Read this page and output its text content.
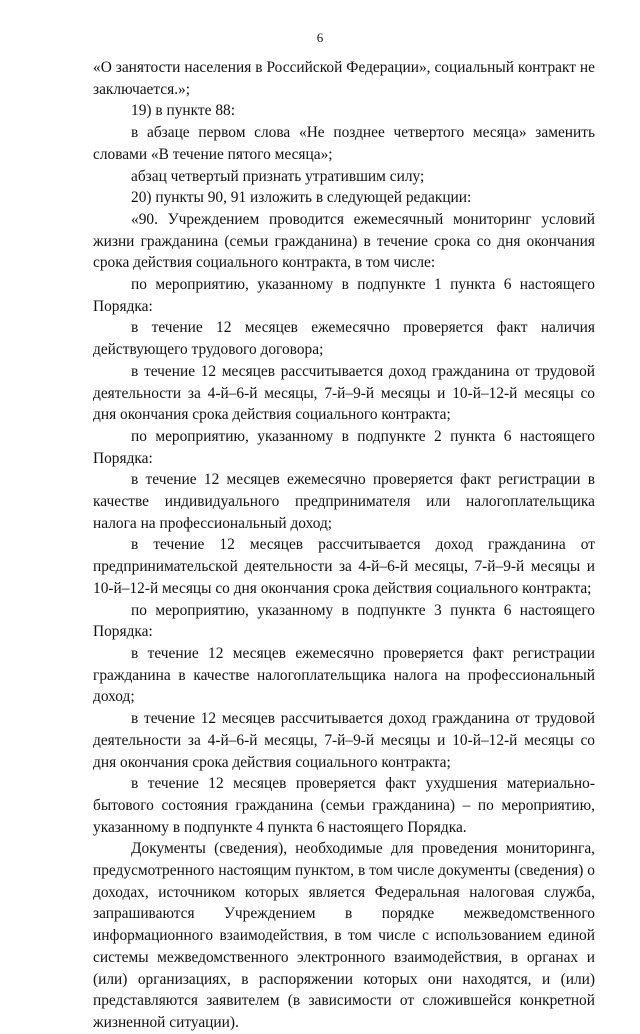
6

«О занятости населения в Российской Федерации», социальный контракт не заключается.»;

19) в пункте 88:

в абзаце первом слова «Не позднее четвертого месяца» заменить словами «В течение пятого месяца»;

абзац четвертый признать утратившим силу;

20) пункты 90, 91 изложить в следующей редакции:

«90. Учреждением проводится ежемесячный мониторинг условий жизни гражданина (семьи гражданина) в течение срока со дня окончания срока действия социального контракта, в том числе:

по мероприятию, указанному в подпункте 1 пункта 6 настоящего Порядка:

в течение 12 месяцев ежемесячно проверяется факт наличия действующего трудового договора;

в течение 12 месяцев рассчитывается доход гражданина от трудовой деятельности за 4-й–6-й месяцы, 7-й–9-й месяцы и 10-й–12-й месяцы со дня окончания срока действия социального контракта;

по мероприятию, указанному в подпункте 2 пункта 6 настоящего Порядка:

в течение 12 месяцев ежемесячно проверяется факт регистрации в качестве индивидуального предпринимателя или налогоплательщика налога на профессиональный доход;

в течение 12 месяцев рассчитывается доход гражданина от предпринимательской деятельности за 4-й–6-й месяцы, 7-й–9-й месяцы и 10-й–12-й месяцы со дня окончания срока действия социального контракта;

по мероприятию, указанному в подпункте 3 пункта 6 настоящего Порядка:

в течение 12 месяцев ежемесячно проверяется факт регистрации гражданина в качестве налогоплательщика налога на профессиональный доход;

в течение 12 месяцев рассчитывается доход гражданина от трудовой деятельности за 4-й–6-й месяцы, 7-й–9-й месяцы и 10-й–12-й месяцы со дня окончания срока действия социального контракта;

в течение 12 месяцев проверяется факт ухудшения материально-бытового состояния гражданина (семьи гражданина) – по мероприятию, указанному в подпункте 4 пункта 6 настоящего Порядка.

Документы (сведения), необходимые для проведения мониторинга, предусмотренного настоящим пунктом, в том числе документы (сведения) о доходах, источником которых является Федеральная налоговая служба, запрашиваются Учреждением в порядке межведомственного информационного взаимодействия, в том числе с использованием единой системы межведомственного электронного взаимодействия, в органах и (или) организациях, в распоряжении которых они находятся, и (или) представляются заявителем (в зависимости от сложившейся конкретной жизненной ситуации).
